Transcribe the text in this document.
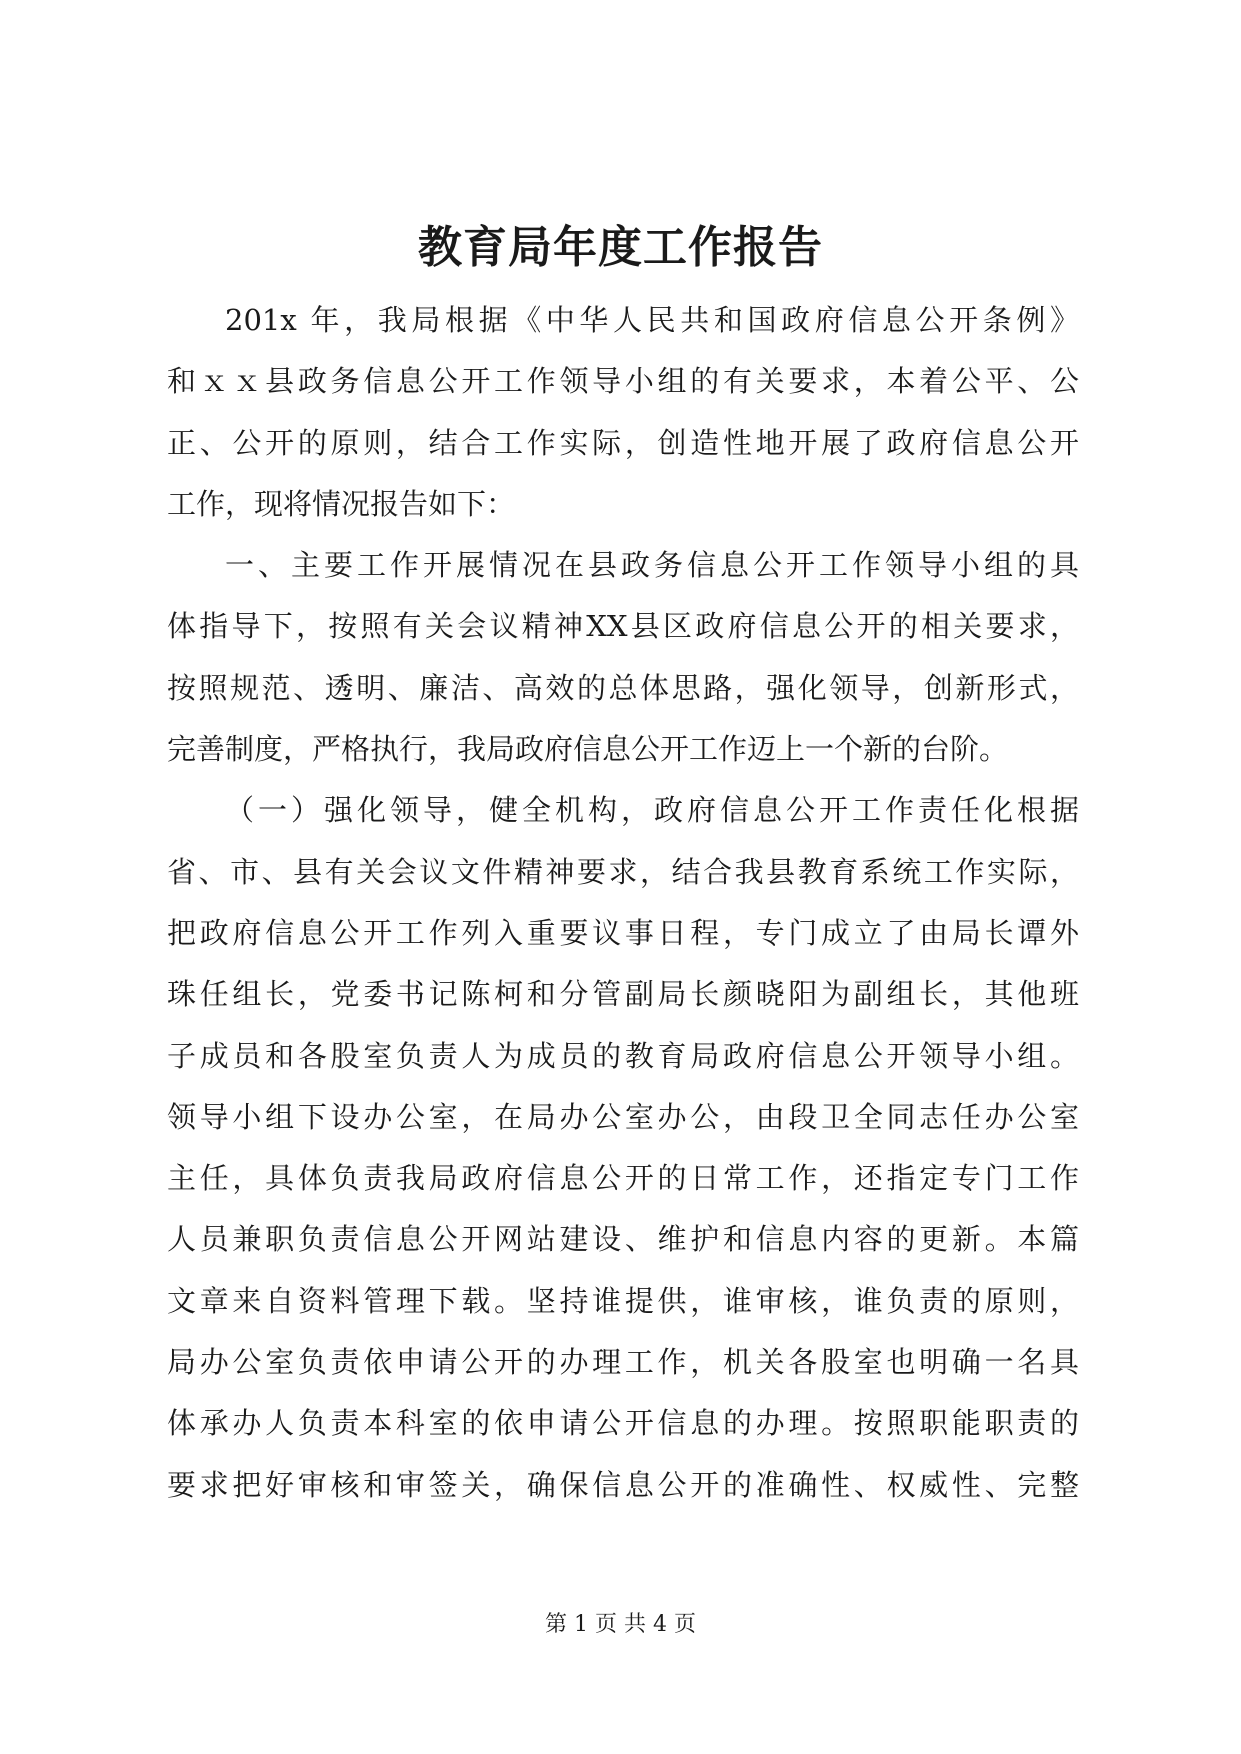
教育局年度工作报告
201x 年，我局根据《中华人民共和国政府信息公开条例》
和ｘｘ县政务信息公开工作领导小组的有关要求，本着公平、公
正、公开的原则，结合工作实际，创造性地开展了政府信息公开
工作，现将情况报告如下：
一、主要工作开展情况在县政务信息公开工作领导小组的具
体指导下，按照有关会议精神XX县区政府信息公开的相关要求，
按照规范、透明、廉洁、高效的总体思路，强化领导，创新形式，
完善制度，严格执行，我局政府信息公开工作迈上一个新的台阶。
（一）强化领导，健全机构，政府信息公开工作责任化根据
省、市、县有关会议文件精神要求，结合我县教育系统工作实际，
把政府信息公开工作列入重要议事日程，专门成立了由局长谭外
珠任组长，党委书记陈柯和分管副局长颜晓阳为副组长，其他班
子成员和各股室负责人为成员的教育局政府信息公开领导小组。
领导小组下设办公室，在局办公室办公，由段卫全同志任办公室
主任，具体负责我局政府信息公开的日常工作，还指定专门工作
人员兼职负责信息公开网站建设、维护和信息内容的更新。本篇
文章来自资料管理下载。坚持谁提供，谁审核，谁负责的原则，
局办公室负责依申请公开的办理工作，机关各股室也明确一名具
体承办人负责本科室的依申请公开信息的办理。按照职能职责的
要求把好审核和审签关，确保信息公开的准确性、权威性、完整
第 1 页 共 4 页
